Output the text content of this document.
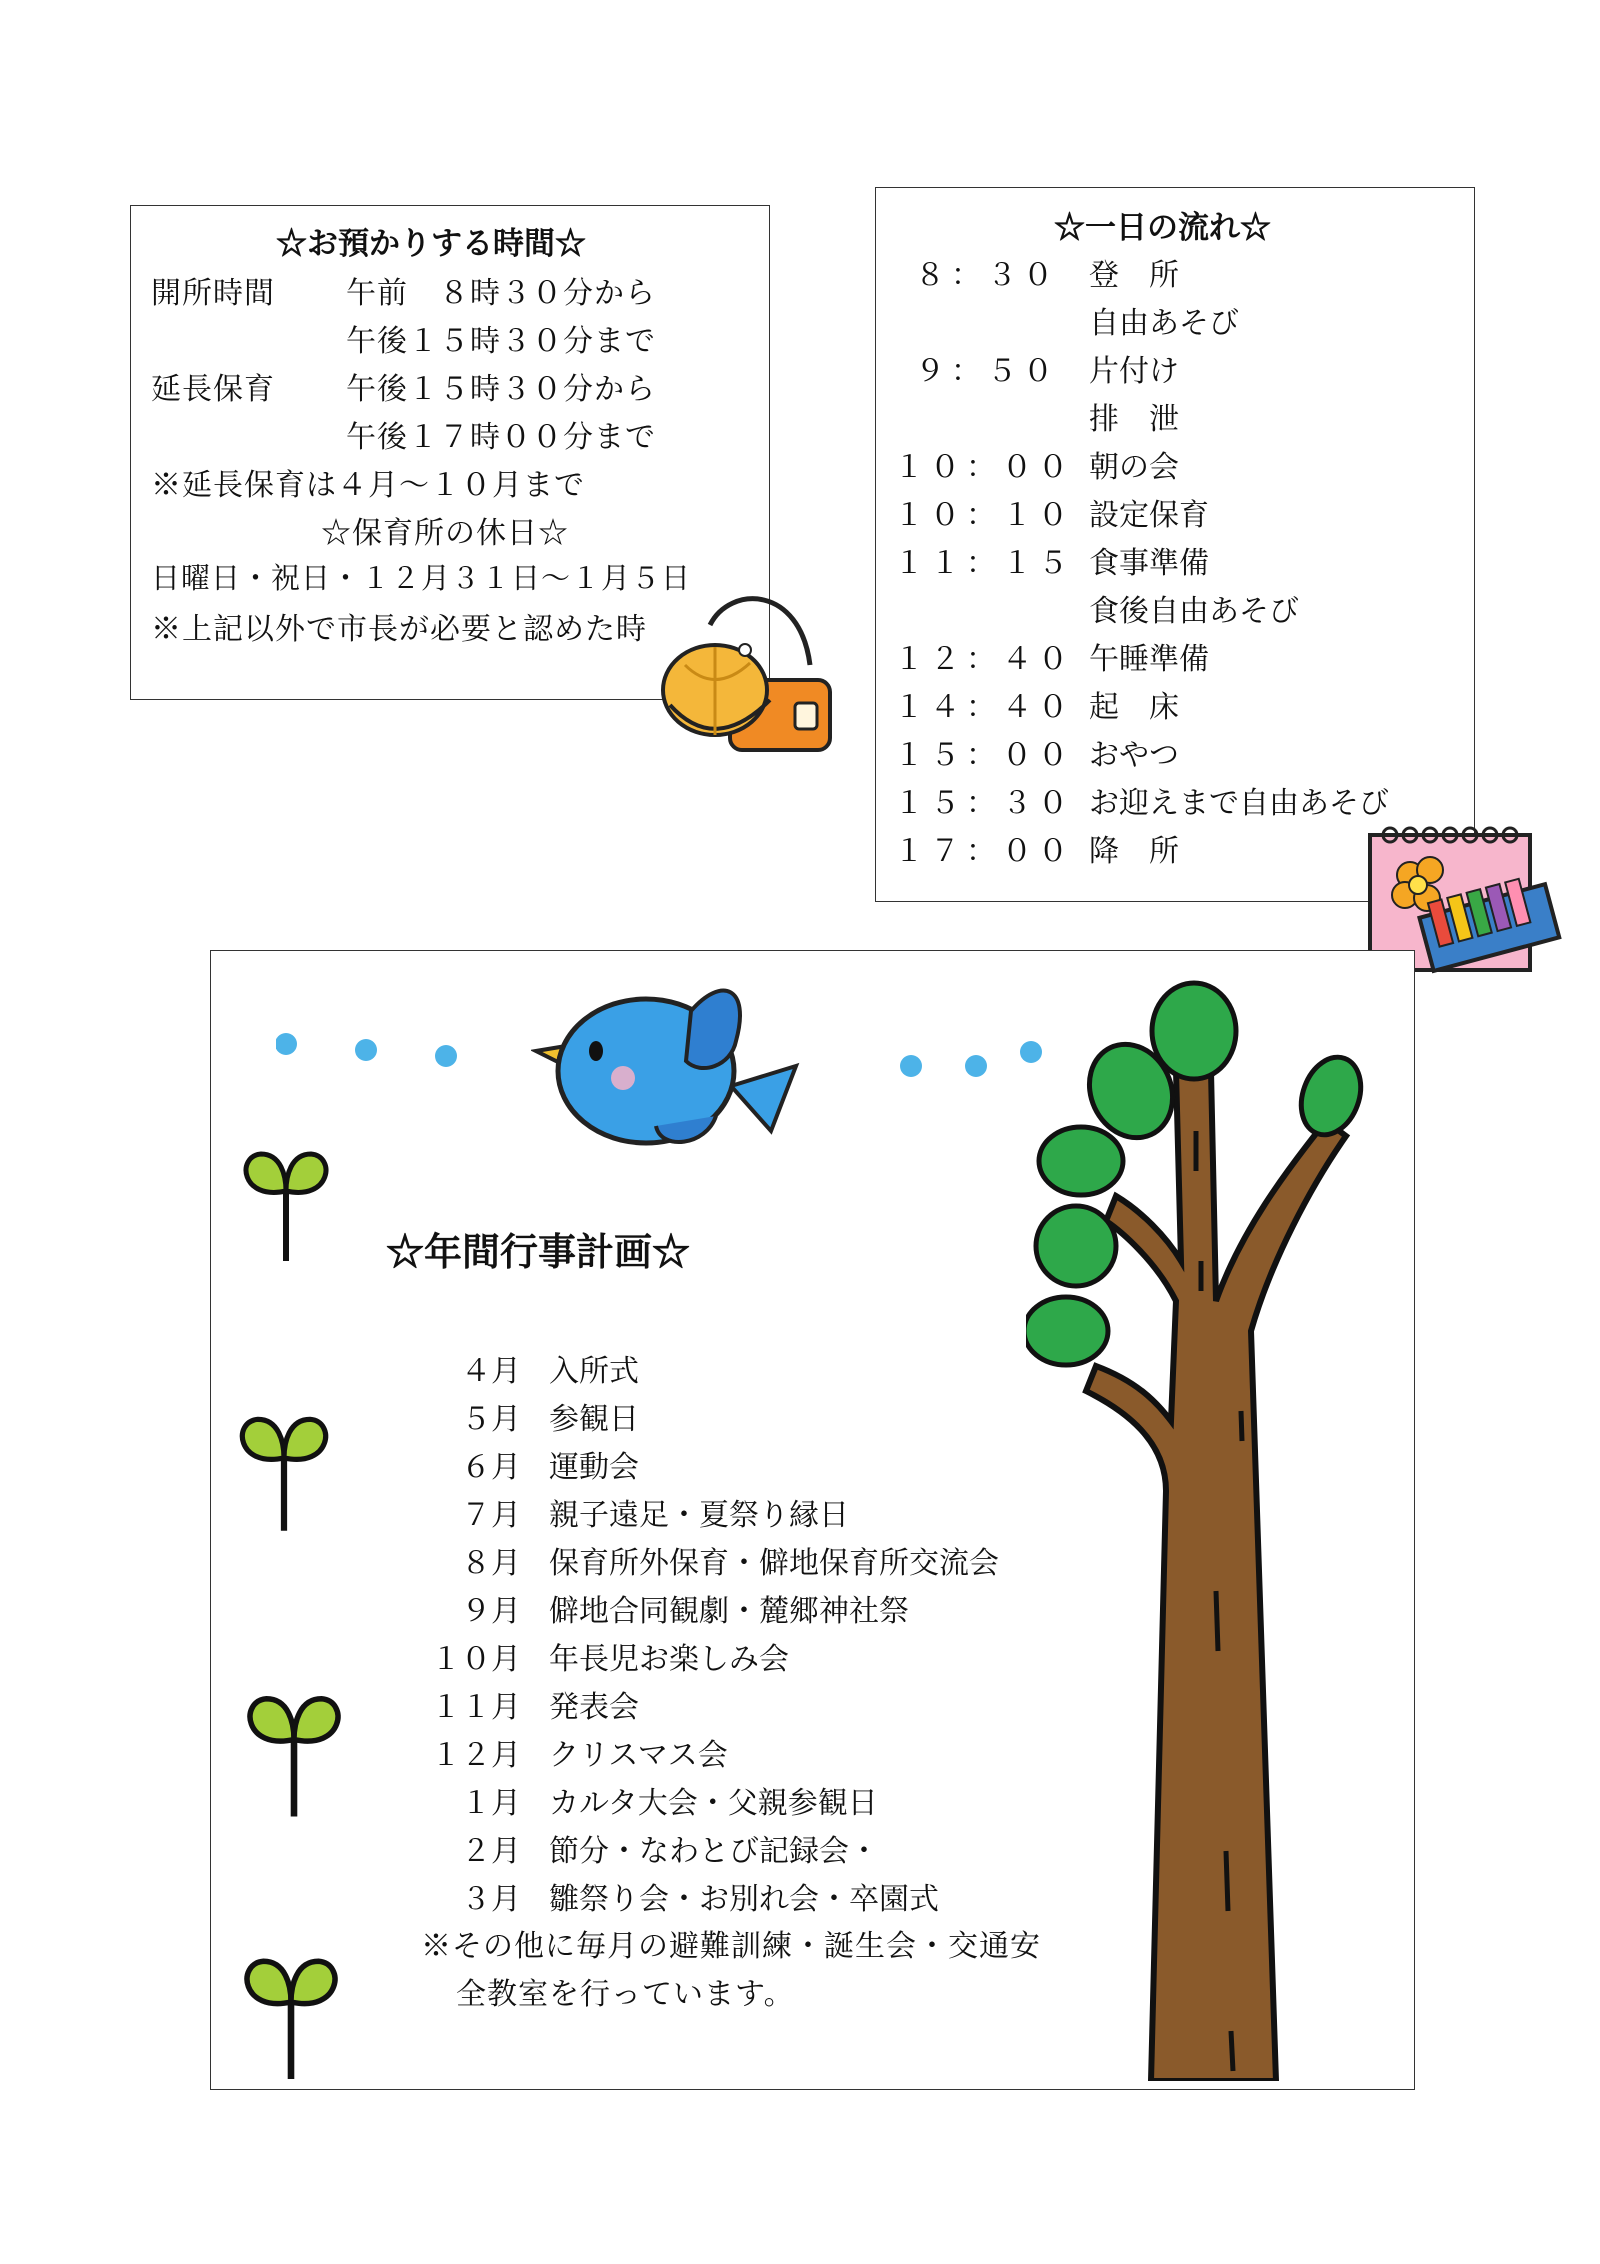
☆お預かりする時間☆
開所時間 午前　８時３０分から
午後１５時３０分まで
延長保育 午後１５時３０分から
午後１７時００分まで
※延長保育は４月～１０月まで
☆保育所の休日☆
日曜日・祝日・１２月３１日～１月５日
※上記以外で市長が必要と認めた時
☆一日の流れ☆
８：３０ 登　所
自由あそび
９：５０ 片付け
排　泄
１０：００ 朝の会
１０：１０ 設定保育
１１：１５ 食事準備
食後自由あそび
１２：４０ 午睡準備
１４：４０ 起　床
１５：００ おやつ
１５：３０ お迎えまで自由あそび
１７：００ 降　所
☆年間行事計画☆
４月 入所式
５月 参観日
６月 運動会
７月 親子遠足・夏祭り縁日
８月 保育所外保育・僻地保育所交流会
９月 僻地合同観劇・麓郷神社祭
１０月 年長児お楽しみ会
１１月 発表会
１２月 クリスマス会
１月 カルタ大会・父親参観日
２月 節分・なわとび記録会・
３月 雛祭り会・お別れ会・卒園式
※その他に毎月の避難訓練・誕生会・交通安
全教室を行っています。
